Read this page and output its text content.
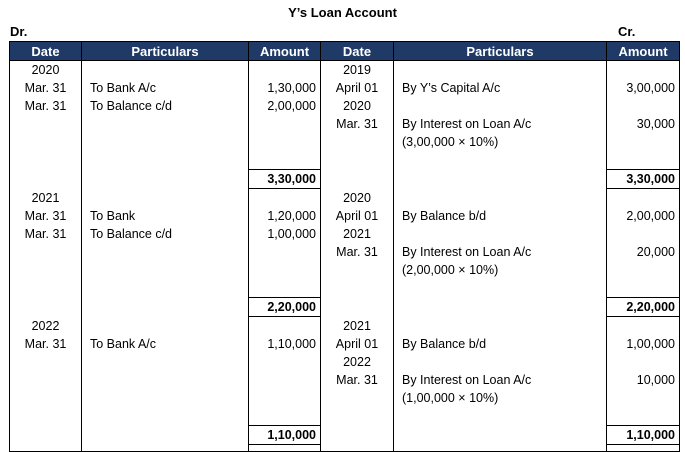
Y’s Loan Account
Dr.	Cr.
Date	Particulars	Amount	Date	Particulars	Amount
2020			2019		
Mar. 31	To Bank A/c	1,30,000	April 01	By Y’s Capital A/c	3,00,000
Mar. 31	To Balance c/d	2,00,000	2020		
			Mar. 31	By Interest on Loan A/c	30,000
				(3,00,000 × 10%)	

		3,30,000			3,30,000
2021			2020		
Mar. 31	To Bank	1,20,000	April 01	By Balance b/d	2,00,000
Mar. 31	To Balance c/d	1,00,000	2021		
			Mar. 31	By Interest on Loan A/c	20,000
				(2,00,000 × 10%)	

		2,20,000			2,20,000
2022			2021		
Mar. 31	To Bank A/c	1,10,000	April 01	By Balance b/d	1,00,000
			2022		
			Mar. 31	By Interest on Loan A/c	10,000
				(1,00,000 × 10%)	

		1,10,000			1,10,000
